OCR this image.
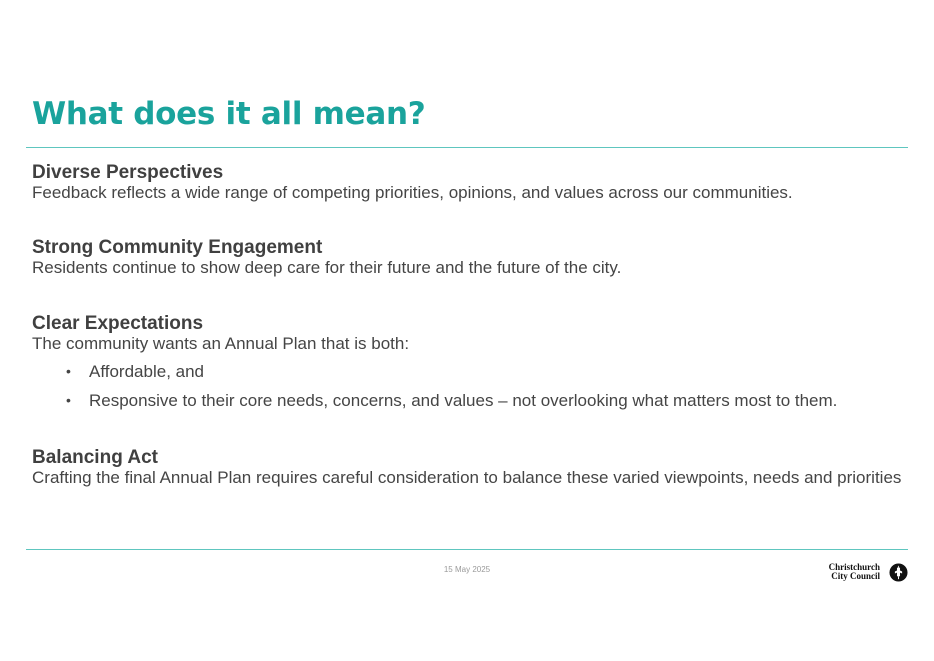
What does it all mean?
Diverse Perspectives

Feedback reflects a wide range of competing priorities, opinions, and values across our communities.

Strong Community Engagement

Residents continue to show deep care for their future and the future of the city.

Clear Expectations

The community wants an Annual Plan that is both:

• Affordable, and
• Responsive to their core needs, concerns, and values – not overlooking what matters most to them.
Balancing Act

Crafting the final Annual Plan requires careful consideration to balance these varied viewpoints, needs and priorities

15 May 2025	Christchurch
City Council
